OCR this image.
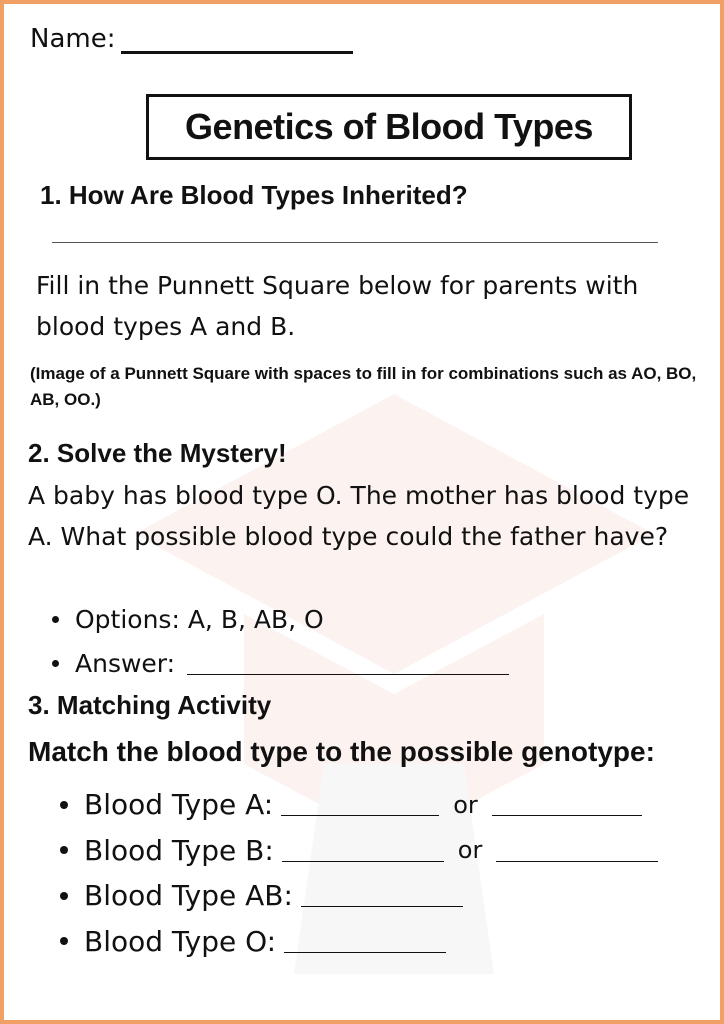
Name:
Genetics of Blood Types
1. How Are Blood Types Inherited?
Fill in the Punnett Square below for parents with blood types A and B.
(Image of a Punnett Square with spaces to fill in for combinations such as AO, BO, AB, OO.)
2. Solve the Mystery!
A baby has blood type O. The mother has blood type A. What possible blood type could the father have?
Options: A, B, AB, O
Answer:
3. Matching Activity
Match the blood type to the possible genotype:
Blood Type A:	or
Blood Type B:	or
Blood Type AB:
Blood Type O:
